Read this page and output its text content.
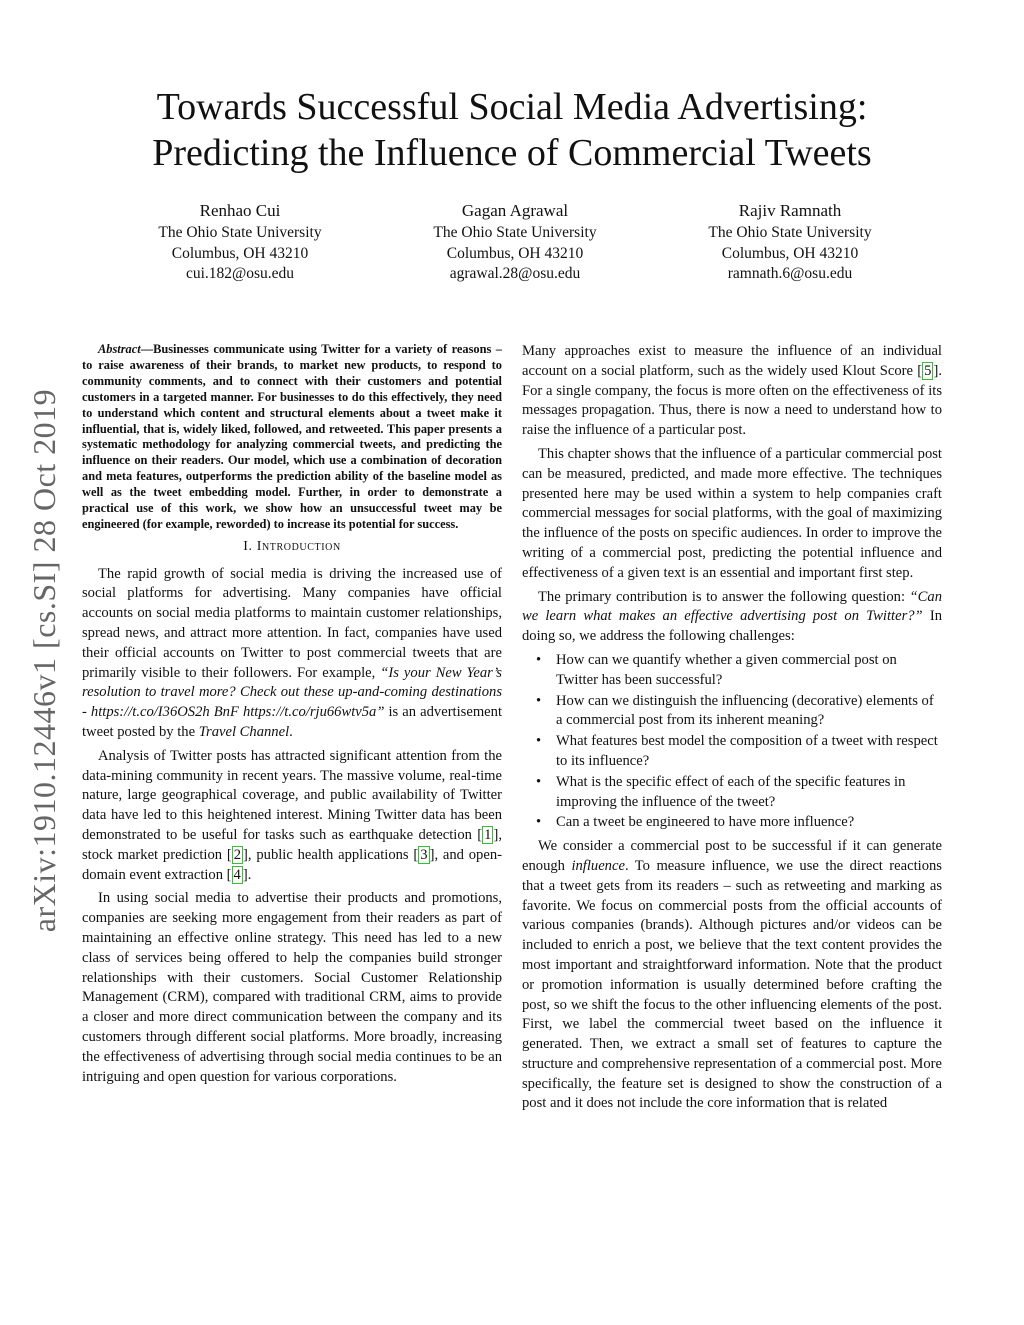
arXiv:1910.12446v1 [cs.SI] 28 Oct 2019
Towards Successful Social Media Advertising:
Predicting the Influence of Commercial Tweets
Renhao Cui
The Ohio State University
Columbus, OH 43210
cui.182@osu.edu
Gagan Agrawal
The Ohio State University
Columbus, OH 43210
agrawal.28@osu.edu
Rajiv Ramnath
The Ohio State University
Columbus, OH 43210
ramnath.6@osu.edu

Abstract—Businesses communicate using Twitter for a variety of reasons – to raise awareness of their brands, to market new products, to respond to community comments, and to connect with their customers and potential customers in a targeted manner. For businesses to do this effectively, they need to understand which content and structural elements about a tweet make it influential, that is, widely liked, followed, and retweeted. This paper presents a systematic methodology for analyzing commercial tweets, and predicting the influence on their readers. Our model, which use a combination of decoration and meta features, outperforms the prediction ability of the baseline model as well as the tweet embedding model. Further, in order to demonstrate a practical use of this work, we show how an unsuccessful tweet may be engineered (for example, reworded) to increase its potential for success.

I. Introduction

The rapid growth of social media is driving the increased use of social platforms for advertising. Many companies have official accounts on social media platforms to maintain customer relationships, spread news, and attract more attention. In fact, companies have used their official accounts on Twitter to post commercial tweets that are primarily visible to their followers. For example, “Is your New Year’s resolution to travel more? Check out these up-and-coming destinations - https://t.co/I36OS2h BnF https://t.co/rju66wtv5a” is an advertisement tweet posted by the Travel Channel.

Analysis of Twitter posts has attracted significant attention from the data-mining community in recent years. The massive volume, real-time nature, large geographical coverage, and public availability of Twitter data have led to this heightened interest. Mining Twitter data has been demonstrated to be useful for tasks such as earthquake detection [ 1 ], stock market prediction [ 2 ], public health applications [ 3 ], and open-domain event extraction [ 4 ].

In using social media to advertise their products and promotions, companies are seeking more engagement from their readers as part of maintaining an effective online strategy. This need has led to a new class of services being offered to help the companies build stronger relationships with their customers. Social Customer Relationship Management (CRM), compared with traditional CRM, aims to provide a closer and more direct communication between the company and its customers through different social platforms. More broadly, increasing the effectiveness of advertising through social media continues to be an intriguing and open question for various corporations.

Many approaches exist to measure the influence of an individual account on a social platform, such as the widely used Klout Score [ 5 ]. For a single company, the focus is more often on the effectiveness of its messages propagation. Thus, there is now a need to understand how to raise the influence of a particular post.

This chapter shows that the influence of a particular commercial post can be measured, predicted, and made more effective. The techniques presented here may be used within a system to help companies craft commercial messages for social platforms, with the goal of maximizing the influence of the posts on specific audiences. In order to improve the writing of a commercial post, predicting the potential influence and effectiveness of a given text is an essential and important first step.

The primary contribution is to answer the following question: “Can we learn what makes an effective advertising post on Twitter?” In doing so, we address the following challenges:

• How can we quantify whether a given commercial post on Twitter has been successful?
• How can we distinguish the influencing (decorative) elements of a commercial post from its inherent meaning?
• What features best model the composition of a tweet with respect to its influence?
• What is the specific effect of each of the specific features in improving the influence of the tweet?
• Can a tweet be engineered to have more influence?

We consider a commercial post to be successful if it can generate enough influence. To measure influence, we use the direct reactions that a tweet gets from its readers – such as retweeting and marking as favorite. We focus on commercial posts from the official accounts of various companies (brands). Although pictures and/or videos can be included to enrich a post, we believe that the text content provides the most important and straightforward information. Note that the product or promotion information is usually determined before crafting the post, so we shift the focus to the other influencing elements of the post. First, we label the commercial tweet based on the influence it generated. Then, we extract a small set of features to capture the structure and comprehensive representation of a commercial post. More specifically, the feature set is designed to show the construction of a post and it does not include the core information that is related
